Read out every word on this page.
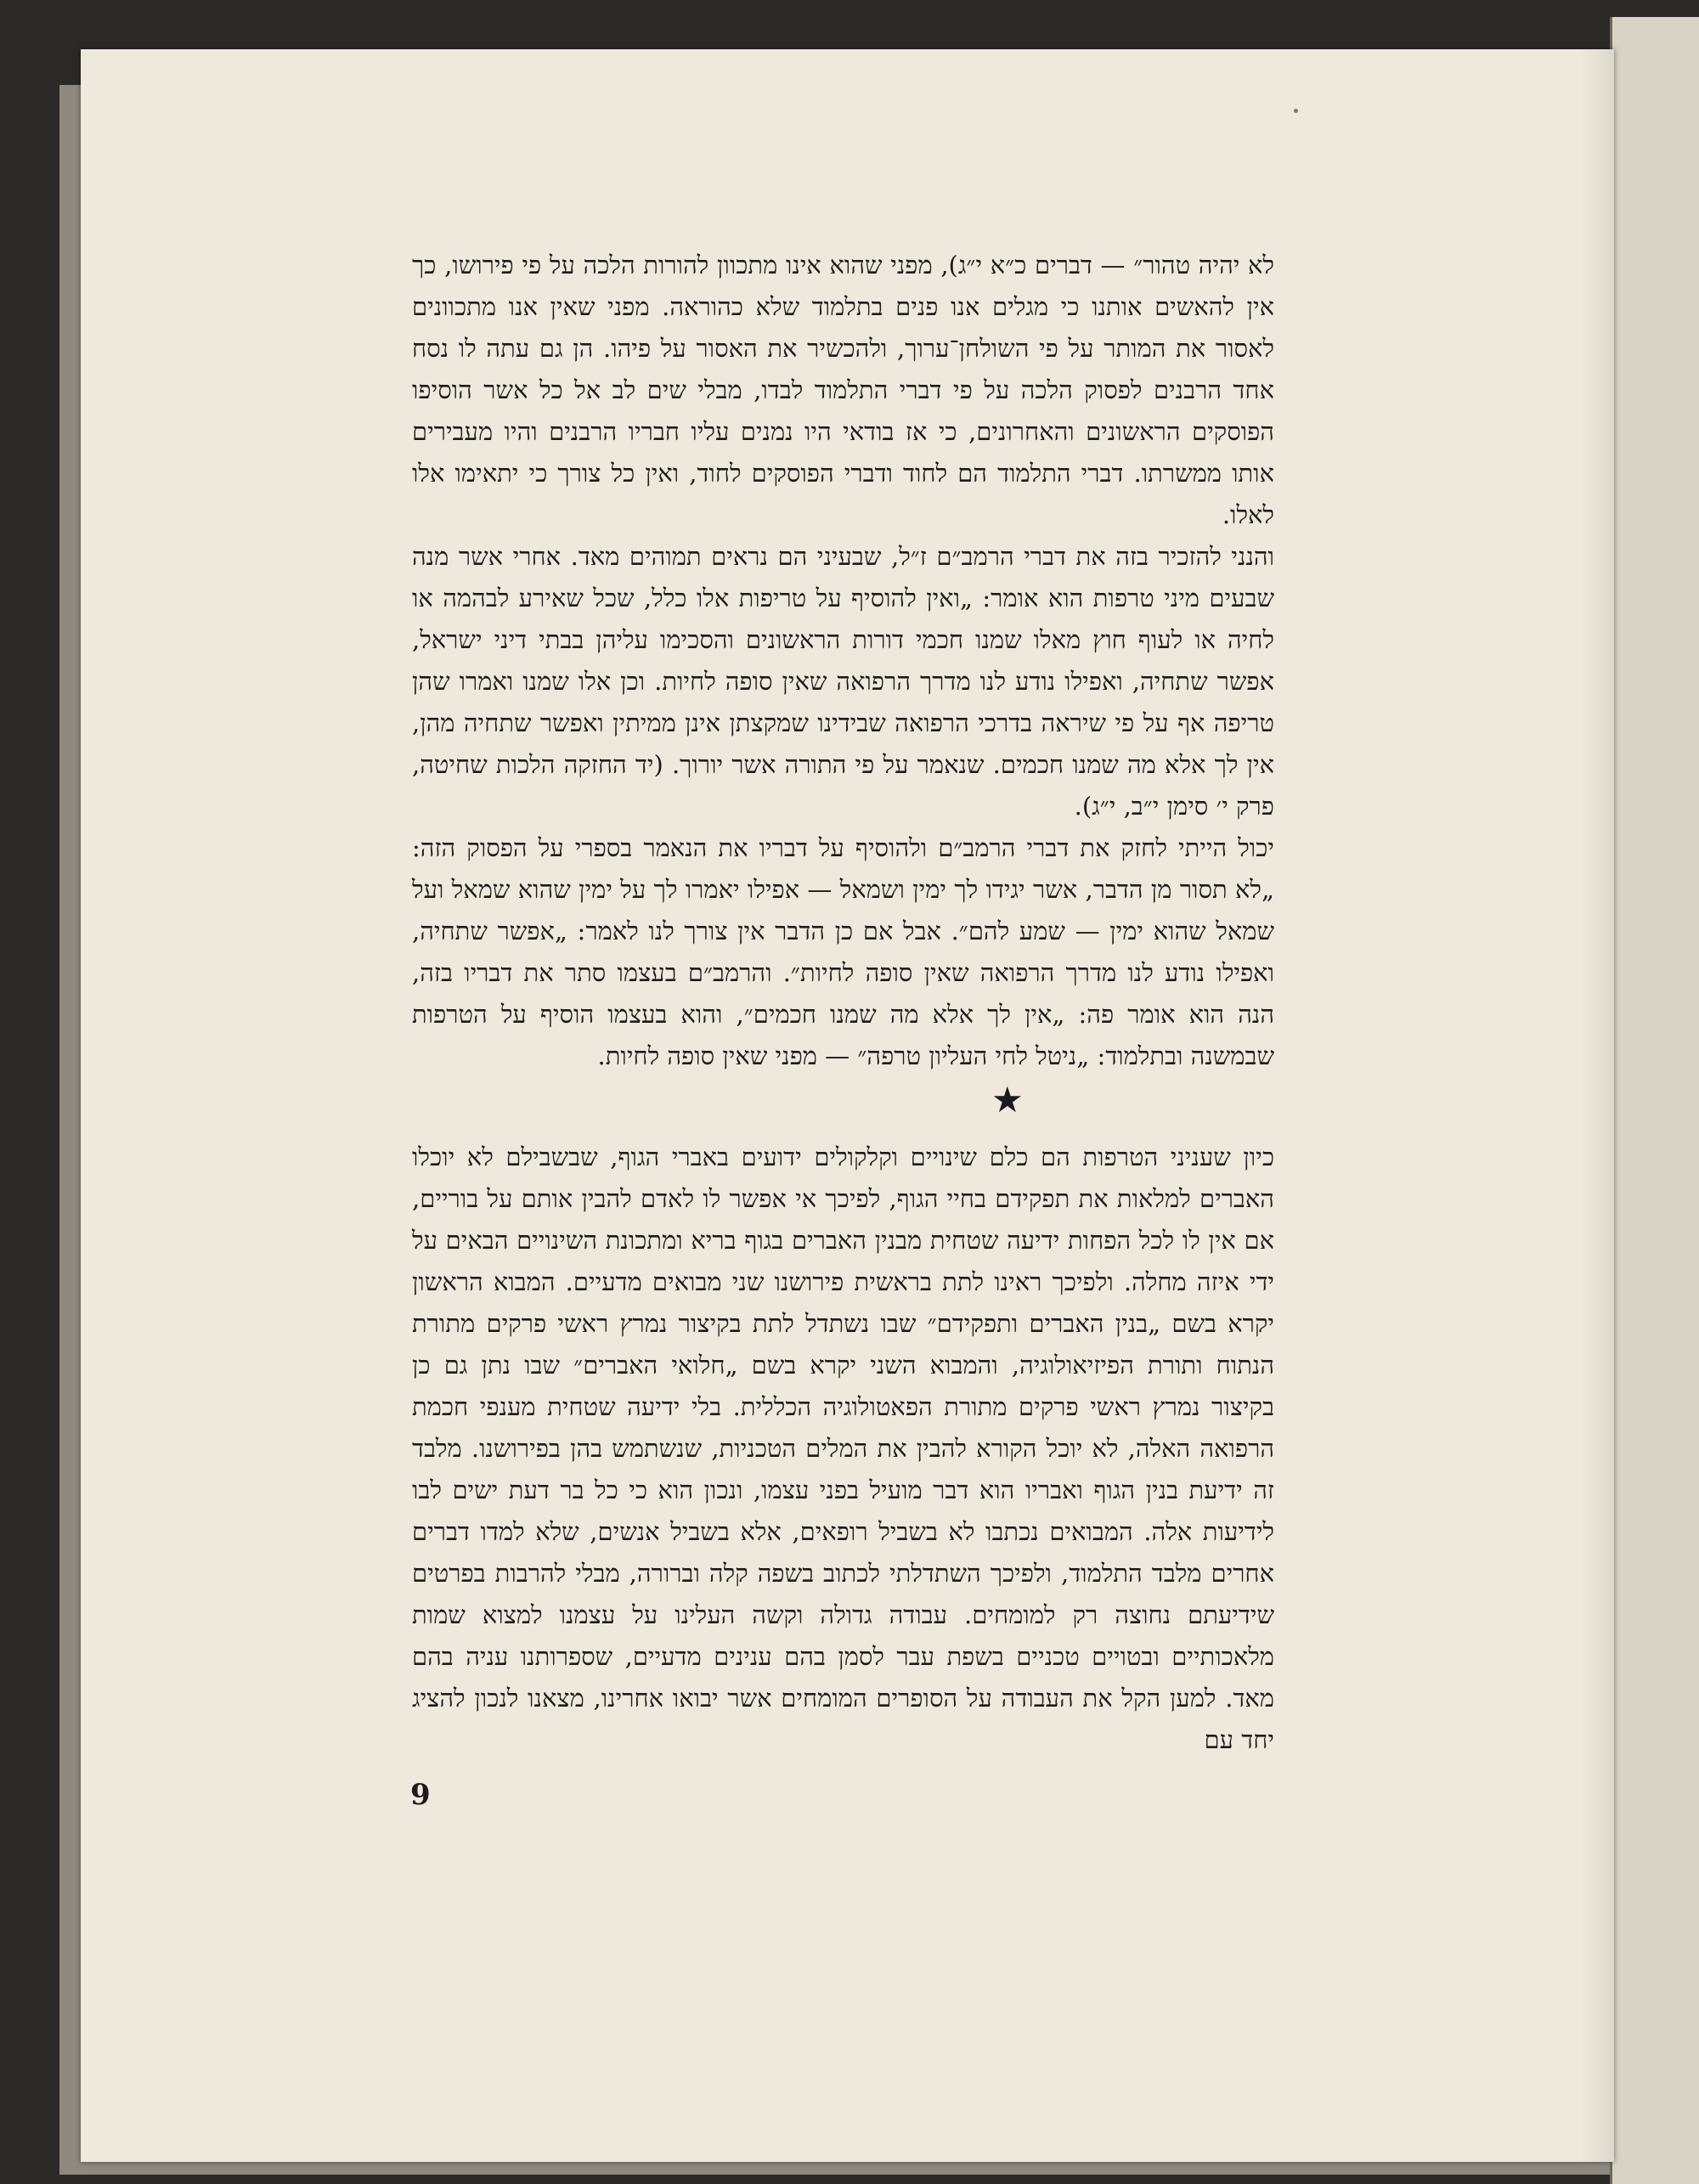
לא יהיה טהור״ — דברים כ״א י״ג), מפני שהוא אינו מתכוון להורות הלכה על פי פירושו, כך אין להאשים אותנו כי מגלים אנו פנים בתלמוד שלא כהוראה. מפני שאין אנו מתכוונים לאסור את המותר על פי השולחן־ערוך, ולהכשיר את האסור על פיהו. הן גם עתה לו נסח אחד הרבנים לפסוק הלכה על פי דברי התלמוד לבדו, מבלי שים לב אל כל אשר הוסיפו הפוסקים הראשונים והאחרונים, כי אז בודאי היו נמנים עליו חבריו הרבנים והיו מעבירים אותו ממשרתו. דברי התלמוד הם לחוד ודברי הפוסקים לחוד, ואין כל צורך כי יתאימו אלו לאלו.

והנני להזכיר בזה את דברי הרמב״ם ז״ל, שבעיני הם נראים תמוהים מאד. אחרי אשר מנה שבעים מיני טרפות הוא אומר: „ואין להוסיף על טריפות אלו כלל, שכל שאירע לבהמה או לחיה או לעוף חוץ מאלו שמנו חכמי דורות הראשונים והסכימו עליהן בבתי דיני ישראל, אפשר שתחיה, ואפילו נודע לנו מדרך הרפואה שאין סופה לחיות. וכן אלו שמנו ואמרו שהן טריפה אף על פי שיראה בדרכי הרפואה שבידינו שמקצתן אינן ממיתין ואפשר שתחיה מהן, אין לך אלא מה שמנו חכמים. שנאמר על פי התורה אשר יורוך. (יד החזקה הלכות שחיטה, פרק י׳ סימן י״ב, י״ג).

יכול הייתי לחזק את דברי הרמב״ם ולהוסיף על דבריו את הנאמר בספרי על הפסוק הזה: „לא תסור מן הדבר, אשר יגידו לך ימין ושמאל — אפילו יאמרו לך על ימין שהוא שמאל ועל שמאל שהוא ימין — שמע להם״. אבל אם כן הדבר אין צורך לנו לאמר: „אפשר שתחיה, ואפילו נודע לנו מדרך הרפואה שאין סופה לחיות״. והרמב״ם בעצמו סתר את דבריו בזה, הנה הוא אומר פה: „אין לך אלא מה שמנו חכמים״, והוא בעצמו הוסיף על הטרפות שבמשנה ובתלמוד: „ניטל לחי העליון טרפה״ — מפני שאין סופה לחיות.

★

כיון שעניני הטרפות הם כלם שינויים וקלקולים ידועים באברי הגוף, שבשבילם לא יוכלו האברים למלאות את תפקידם בחיי הגוף, לפיכך אי אפשר לו לאדם להבין אותם על בוריים, אם אין לו לכל הפחות ידיעה שטחית מבנין האברים בגוף בריא ומתכונת השינויים הבאים על ידי איזה מחלה. ולפיכך ראינו לתת בראשית פירושנו שני מבואים מדעיים. המבוא הראשון יקרא בשם „בנין האברים ותפקידם״ שבו נשתדל לתת בקיצור נמרץ ראשי פרקים מתורת הנתוח ותורת הפיזיאולוגיה, והמבוא השני יקרא בשם „חלואי האברים״ שבו נתן גם כן בקיצור נמרץ ראשי פרקים מתורת הפאטולוגיה הכללית. בלי ידיעה שטחית מענפי חכמת הרפואה האלה, לא יוכל הקורא להבין את המלים הטכניות, שנשתמש בהן בפירושנו. מלבד זה ידיעת בנין הגוף ואבריו הוא דבר מועיל בפני עצמו, ונכון הוא כי כל בר דעת ישים לבו לידיעות אלה. המבואים נכתבו לא בשביל רופאים, אלא בשביל אנשים, שלא למדו דברים אחרים מלבד התלמוד, ולפיכך השתדלתי לכתוב בשפה קלה וברורה, מבלי להרבות בפרטים שידיעתם נחוצה רק למומחים. עבודה גדולה וקשה העלינו על עצמנו למצוא שמות מלאכותיים ובטויים טכניים בשפת עבר לסמן בהם ענינים מדעיים, שספרותנו עניה בהם מאד. למען הקל את העבודה על הסופרים המומחים אשר יבואו אחרינו, מצאנו לנכון להציג יחד עם

9
